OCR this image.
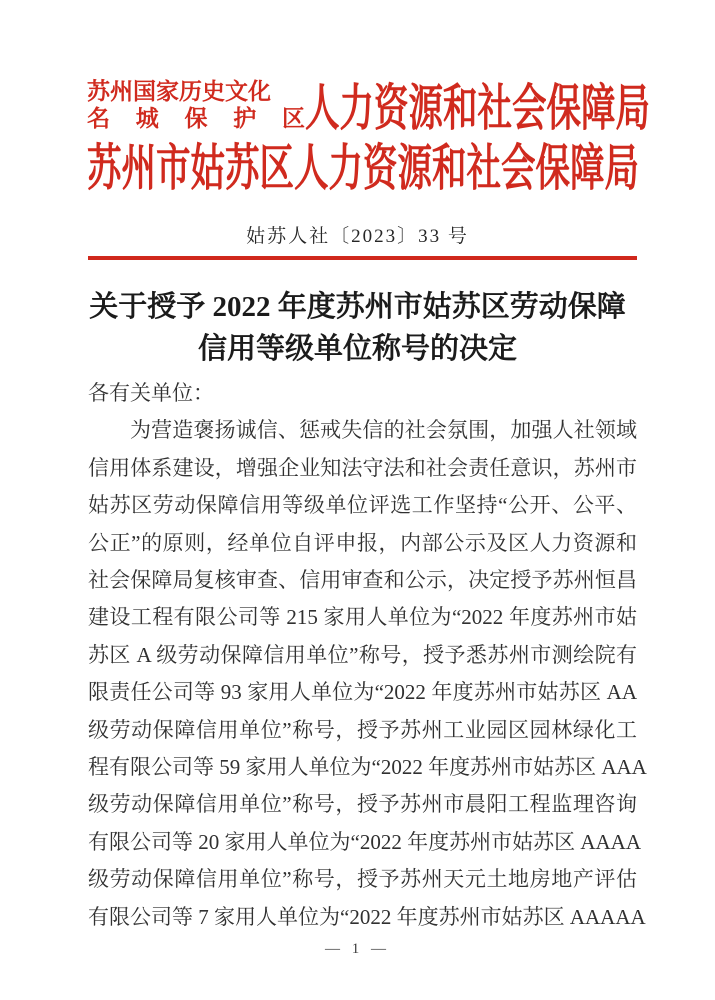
苏州国家历史文化
名城保护区 人力资源和社会保障局
苏州市姑苏区人力资源和社会保障局
姑苏人社〔2023〕33 号
关于授予 2022 年度苏州市姑苏区劳动保障
信用等级单位称号的决定
各有关单位：
为营造褒扬诚信、惩戒失信的社会氛围，加强人社领域
信用体系建设，增强企业知法守法和社会责任意识，苏州市
姑苏区劳动保障信用等级单位评选工作坚持“公开、公平、
公正”的原则，经单位自评申报，内部公示及区人力资源和
社会保障局复核审查、信用审查和公示，决定授予苏州恒昌
建设工程有限公司等 215 家用人单位为“2022 年度苏州市姑
苏区 A 级劳动保障信用单位”称号，授予悉苏州市测绘院有
限责任公司等 93 家用人单位为“2022 年度苏州市姑苏区 AA
级劳动保障信用单位”称号，授予苏州工业园区园林绿化工
程有限公司等 59 家用人单位为“2022 年度苏州市姑苏区 AAA
级劳动保障信用单位”称号，授予苏州市晨阳工程监理咨询
有限公司等 20 家用人单位为“2022 年度苏州市姑苏区 AAAA
级劳动保障信用单位”称号，授予苏州天元土地房地产评估
有限公司等 7 家用人单位为“2022 年度苏州市姑苏区 AAAAA
— 1 —
